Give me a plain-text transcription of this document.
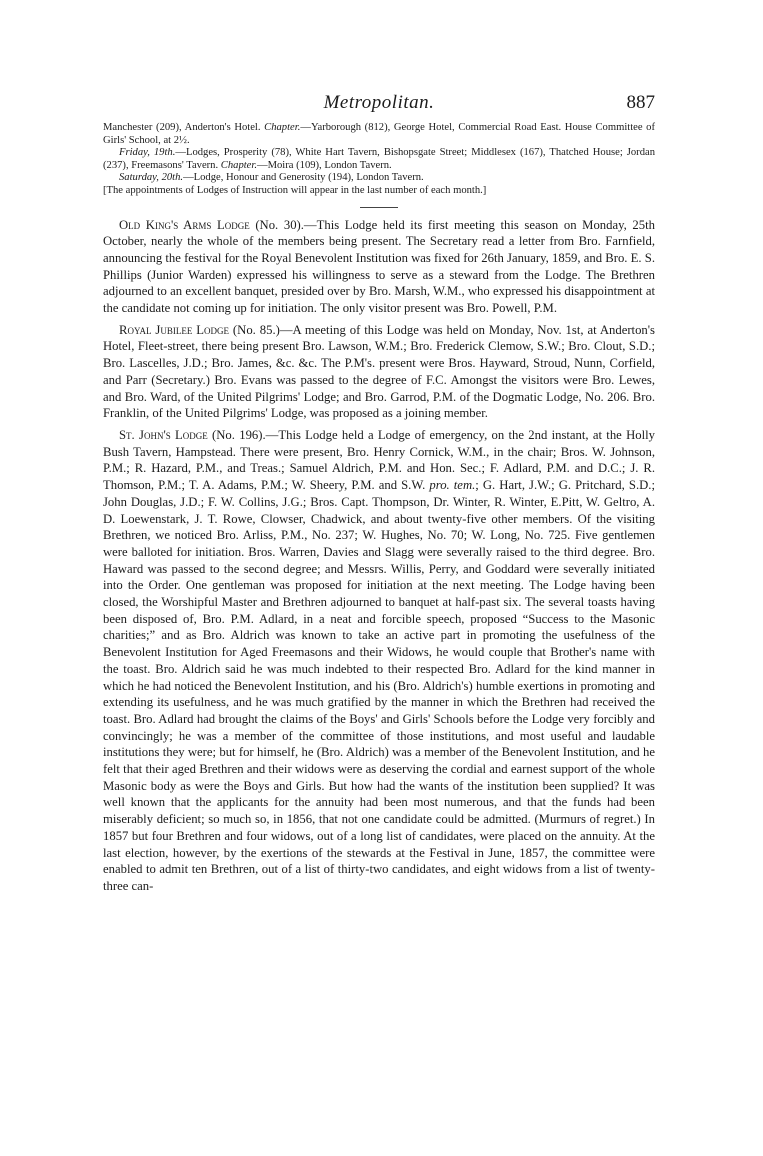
Metropolitan.	887

Manchester (209), Anderton's Hotel. Chapter.—Yarborough (812), George Hotel, Commercial Road East. House Committee of Girls' School, at 2½.

Friday, 19th.—Lodges, Prosperity (78), White Hart Tavern, Bishopsgate Street; Middlesex (167), Thatched House; Jordan (237), Freemasons' Tavern. Chapter.—Moira (109), London Tavern.

Saturday, 20th.—Lodge, Honour and Generosity (194), London Tavern.

[The appointments of Lodges of Instruction will appear in the last number of each month.]

Old King's Arms Lodge (No. 30).—This Lodge held its first meeting this season on Monday, 25th October, nearly the whole of the members being present. The Secretary read a letter from Bro. Farnfield, announcing the festival for the Royal Benevolent Institution was fixed for 26th January, 1859, and Bro. E. S. Phillips (Junior Warden) expressed his willingness to serve as a steward from the Lodge. The Brethren adjourned to an excellent banquet, presided over by Bro. Marsh, W.M., who expressed his disappointment at the candidate not coming up for initiation. The only visitor present was Bro. Powell, P.M.

Royal Jubilee Lodge (No. 85.)—A meeting of this Lodge was held on Monday, Nov. 1st, at Anderton's Hotel, Fleet-street, there being present Bro. Lawson, W.M.; Bro. Frederick Clemow, S.W.; Bro. Clout, S.D.; Bro. Lascelles, J.D.; Bro. James, &c. &c. The P.M's. present were Bros. Hayward, Stroud, Nunn, Corfield, and Parr (Secretary.) Bro. Evans was passed to the degree of F.C. Amongst the visitors were Bro. Lewes, and Bro. Ward, of the United Pilgrims' Lodge; and Bro. Garrod, P.M. of the Dogmatic Lodge, No. 206. Bro. Franklin, of the United Pilgrims' Lodge, was proposed as a joining member.

St. John's Lodge (No. 196).—This Lodge held a Lodge of emergency, on the 2nd instant, at the Holly Bush Tavern, Hampstead. There were present, Bro. Henry Cornick, W.M., in the chair; Bros. W. Johnson, P.M.; R. Hazard, P.M., and Treas.; Samuel Aldrich, P.M. and Hon. Sec.; F. Adlard, P.M. and D.C.; J. R. Thomson, P.M.; T. A. Adams, P.M.; W. Sheery, P.M. and S.W. pro. tem.; G. Hart, J.W.; G. Pritchard, S.D.; John Douglas, J.D.; F. W. Collins, J.G.; Bros. Capt. Thompson, Dr. Winter, R. Winter, E.Pitt, W. Geltro, A. D. Loewenstark, J. T. Rowe, Clowser, Chadwick, and about twenty-five other members. Of the visiting Brethren, we noticed Bro. Arliss, P.M., No. 237; W. Hughes, No. 70; W. Long, No. 725. Five gentlemen were balloted for initiation. Bros. Warren, Davies and Slagg were severally raised to the third degree. Bro. Haward was passed to the second degree; and Messrs. Willis, Perry, and Goddard were severally initiated into the Order. One gentleman was proposed for initiation at the next meeting. The Lodge having been closed, the Worshipful Master and Brethren adjourned to banquet at half-past six. The several toasts having been disposed of, Bro. P.M. Adlard, in a neat and forcible speech, proposed “Success to the Masonic charities;” and as Bro. Aldrich was known to take an active part in promoting the usefulness of the Benevolent Institution for Aged Freemasons and their Widows, he would couple that Brother's name with the toast. Bro. Aldrich said he was much indebted to their respected Bro. Adlard for the kind manner in which he had noticed the Benevolent Institution, and his (Bro. Aldrich's) humble exertions in promoting and extending its usefulness, and he was much gratified by the manner in which the Brethren had received the toast. Bro. Adlard had brought the claims of the Boys' and Girls' Schools before the Lodge very forcibly and convincingly; he was a member of the committee of those institutions, and most useful and laudable institutions they were; but for himself, he (Bro. Aldrich) was a member of the Benevolent Institution, and he felt that their aged Brethren and their widows were as deserving the cordial and earnest support of the whole Masonic body as were the Boys and Girls. But how had the wants of the institution been supplied? It was well known that the applicants for the annuity had been most numerous, and that the funds had been miserably deficient; so much so, in 1856, that not one candidate could be admitted. (Murmurs of regret.) In 1857 but four Brethren and four widows, out of a long list of candidates, were placed on the annuity. At the last election, however, by the exertions of the stewards at the Festival in June, 1857, the committee were enabled to admit ten Brethren, out of a list of thirty-two candidates, and eight widows from a list of twenty-three can-
